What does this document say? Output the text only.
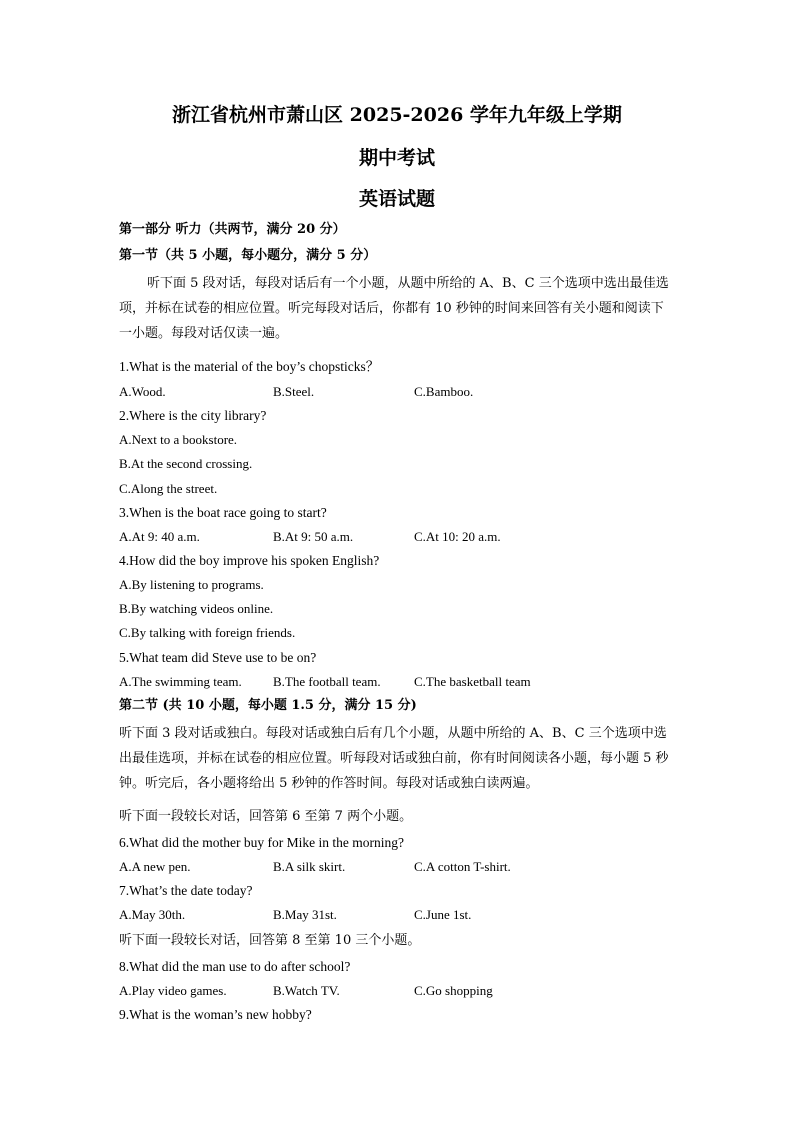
浙江省杭州市萧山区 2025-2026 学年九年级上学期
期中考试
英语试题
第一部分 听力（共两节，满分 20 分）
第一节（共 5 小题，每小题分，满分 5 分）
听下面 5 段对话，每段对话后有一个小题，从题中所给的 A、B、C 三个选项中选出最佳选项，并标在试卷的相应位置。听完每段对话后，你都有 10 秒钟的时间来回答有关小题和阅读下一小题。每段对话仅读一遍。
1.What is the material of the boy’s chopsticks？
A.Wood.	B.Steel.	C.Bamboo.
2.Where is the city library?
A.Next to a bookstore.
B.At the second crossing.
C.Along the street.
3.When is the boat race going to start?
A.At 9: 40 a.m.	B.At 9: 50 a.m.	C.At 10: 20 a.m.
4.How did the boy improve his spoken English?
A.By listening to programs.
B.By watching videos online.
C.By talking with foreign friends.
5.What team did Steve use to be on?
A.The swimming team. B.The football team.	C.The basketball team
第二节 (共 10 小题，每小题 1.5 分，满分 15 分)
听下面 3 段对话或独白。每段对话或独白后有几个小题，从题中所给的 A、B、C 三个选项中选出最佳选项，并标在试卷的相应位置。听每段对话或独白前，你有时间阅读各小题，每小题 5 秒钟。听完后，各小题将给出 5 秒钟的作答时间。每段对话或独白读两遍。
听下面一段较长对话，回答第 6 至第 7 两个小题。
6.What did the mother buy for Mike in the morning?
A.A new pen.	B.A silk skirt.	C.A cotton T-shirt.
7.What’s the date today?
A.May 30th.	B.May 31st.	C.June 1st.
听下面一段较长对话，回答第 8 至第 10 三个小题。
8.What did the man use to do after school?
A.Play video games.	B.Watch TV.	C.Go shopping
9.What is the woman’s new hobby?
